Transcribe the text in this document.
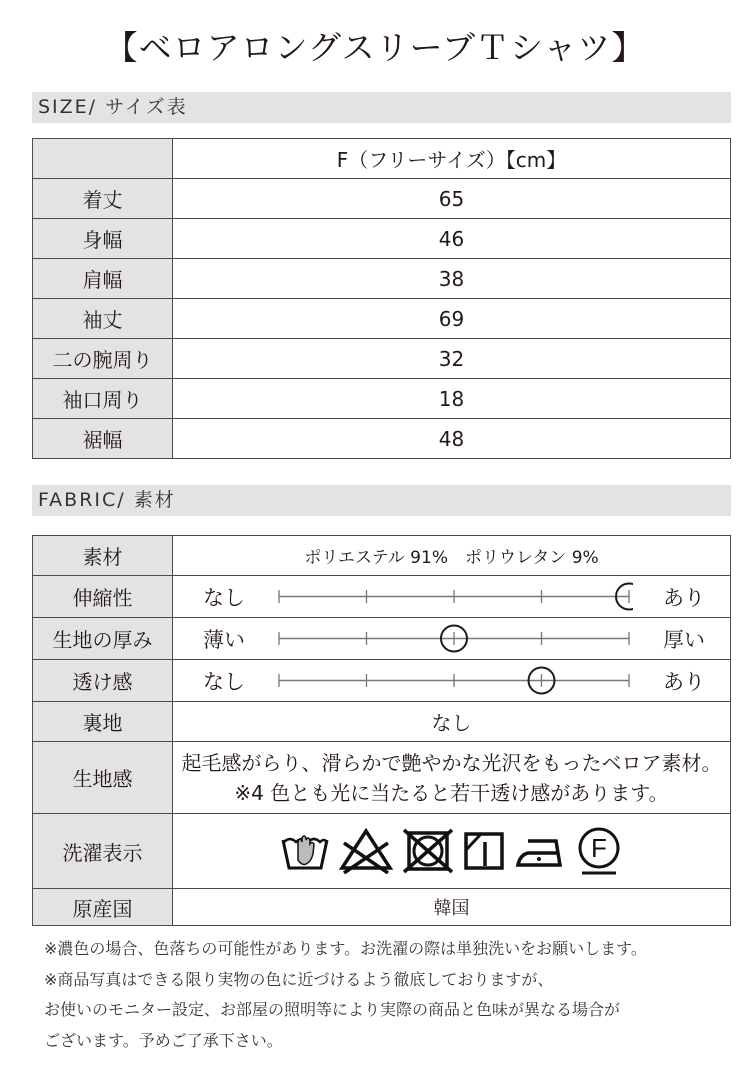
【ベロアロングスリーブＴシャツ】
SIZE/ サイズ表
	F（フリーサイズ）【cm】
着丈	65
身幅	46
肩幅	38
袖丈	69
二の腕周り	32
袖口周り	18
裾幅	48
FABRIC/ 素材
素材	ポリエステル 91%　ポリウレタン 9%
伸縮性	なし あり

生地の厚み	薄い 厚い

透け感	なし あり

裏地	なし
生地感	起毛感がらり、滑らかで艶やかな光沢をもったベロア素材。
※4 色とも光に当たると若干透け感があります。

洗濯表示	F

原産国	韓国
※濃色の場合、色落ちの可能性があります。お洗濯の際は単独洗いをお願いします。
※商品写真はできる限り実物の色に近づけるよう徹底しておりますが、
お使いのモニター設定、お部屋の照明等により実際の商品と色味が異なる場合が
ございます。予めご了承下さい。
